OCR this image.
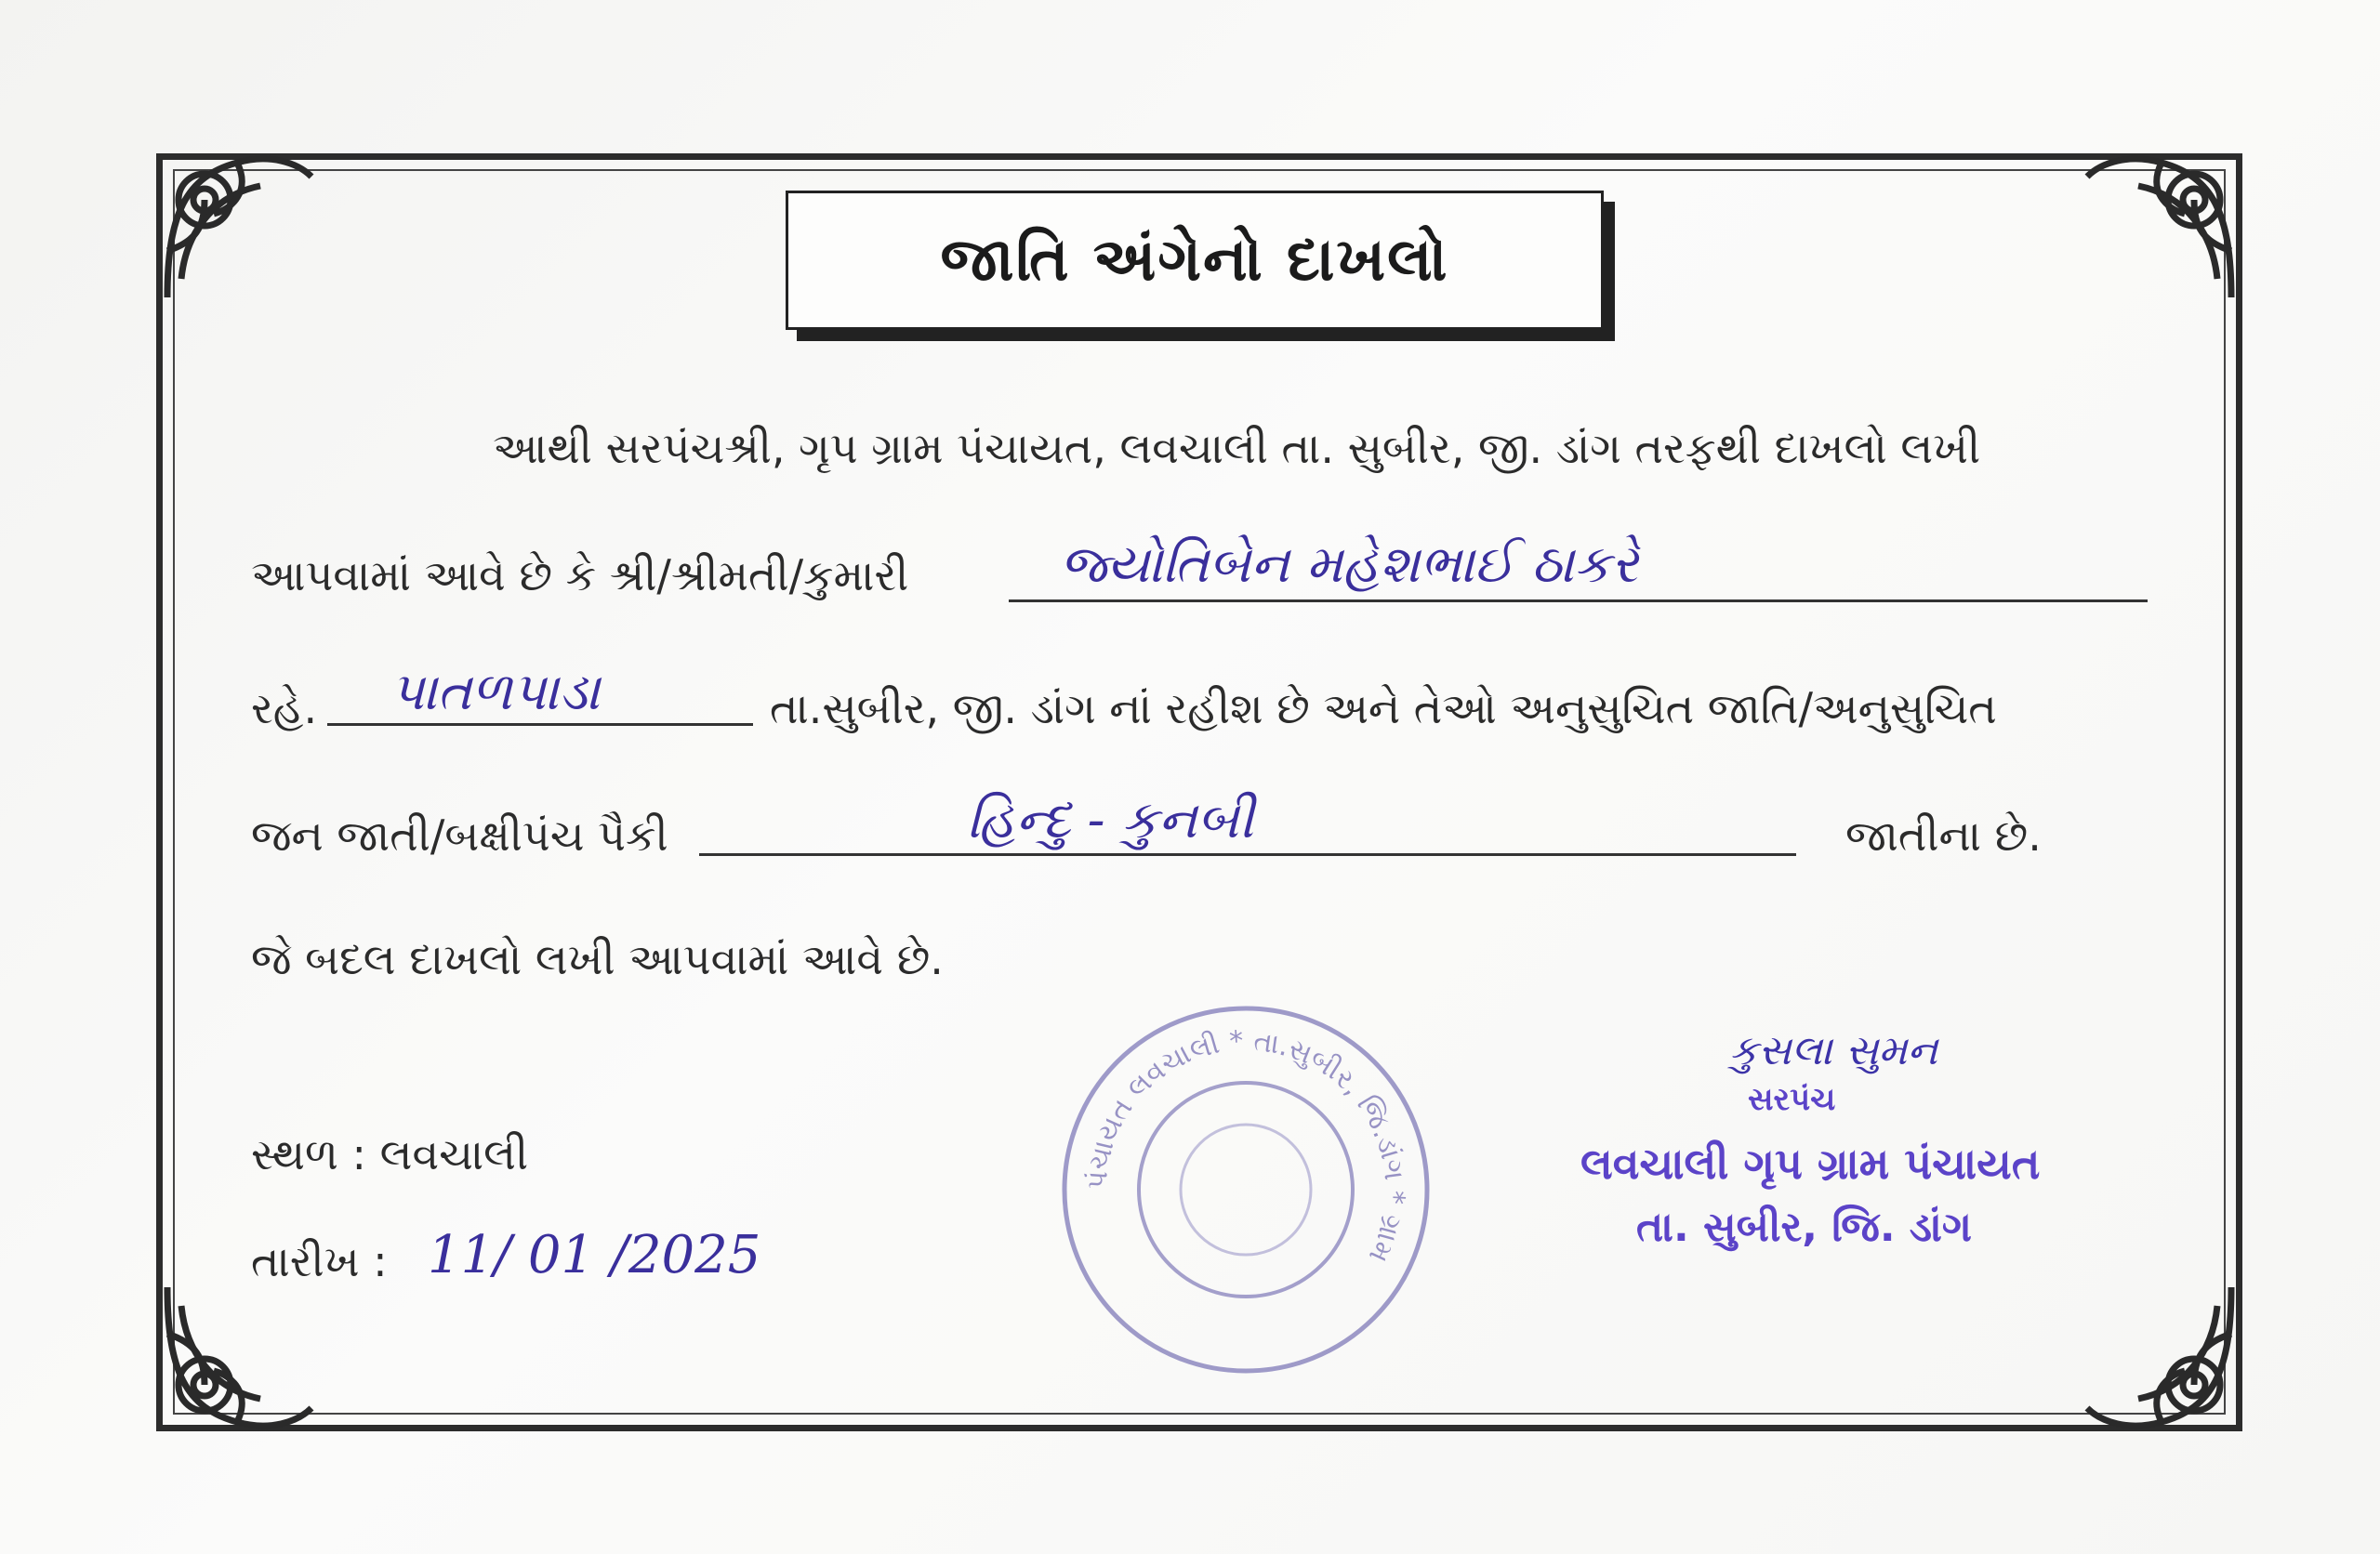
જાતિ અંગેનો દાખલો
આથી સરપંચશ્રી, ગૃપ ગ્રામ પંચાયત, લવચાલી તા. સુબીર, જી. ડાંગ તરફથી દાખલો લખી
આપવામાં આવે છે કે શ્રી/શ્રીમતી/કુમારી	જ્યોતિબેન મહેશભાઈ ઠાકરે
રહે. પાતળપાડા	તા.સુબીર, જી. ડાંગ નાં રહીશ છે અને તેઓ અનુસુચિત જાતિ/અનુસુચિત
જન જાતી/બક્ષીપંચ પૈકી	હિન્દુ - કુનબી	જાતીના છે.
જે બદલ દાખલો લખી આપવામાં આવે છે.
સ્થળ : લવચાલી
તારીખ : 11/ 01 /2025
પંચાયત લવચાલી * તા.સુબીર, જિ.ડાંગ * ગ્રામ
કુસલા સુમન
સરપંચ
લવચાલી ગૃપ ગ્રામ પંચાયત
તા. સુબીર, જિ. ડાંગ
